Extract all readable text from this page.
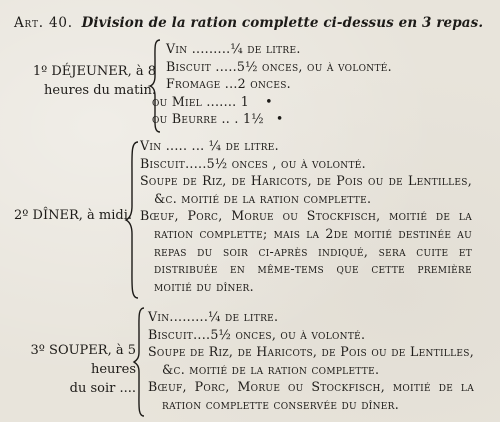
Art. 40. Division de la ration complette ci-dessus en 3 repas.
1º DÉJEUNER, à 8
heures du matin.
Vin .........¼ de litre.
Biscuit .....5½ onces, ou à volonté.
Fromage ...2 onces.
ou Miel ....... 1    •
ou Beurre .. . 1½   •
2º DÎNER, à midi.
Vin ..... ... ¼ de litre.
Biscuit.....5½ onces , ou à volonté.
Soupe de Riz, de Haricots, de Pois ou de Lentilles, &c. moitié de la ration complette.
Bœuf, Porc, Morue ou Stockfisch, moitié de la ration complette; mais la 2de moitié destinée au repas du soir ci-après indiqué, sera cuite et distribuée en même-tems que cette première moitié du dîner.
3º SOUPER, à 5 heures
du soir ....
Vin.........¼ de litre.
Biscuit....5½ onces, ou à volonté.
Soupe de Riz, de Haricots, de Pois ou de Lentilles, &c. moitié de la ration complette.
Bœuf, Porc, Morue ou Stockfisch, moitié de la ration complette conservée du dîner.
